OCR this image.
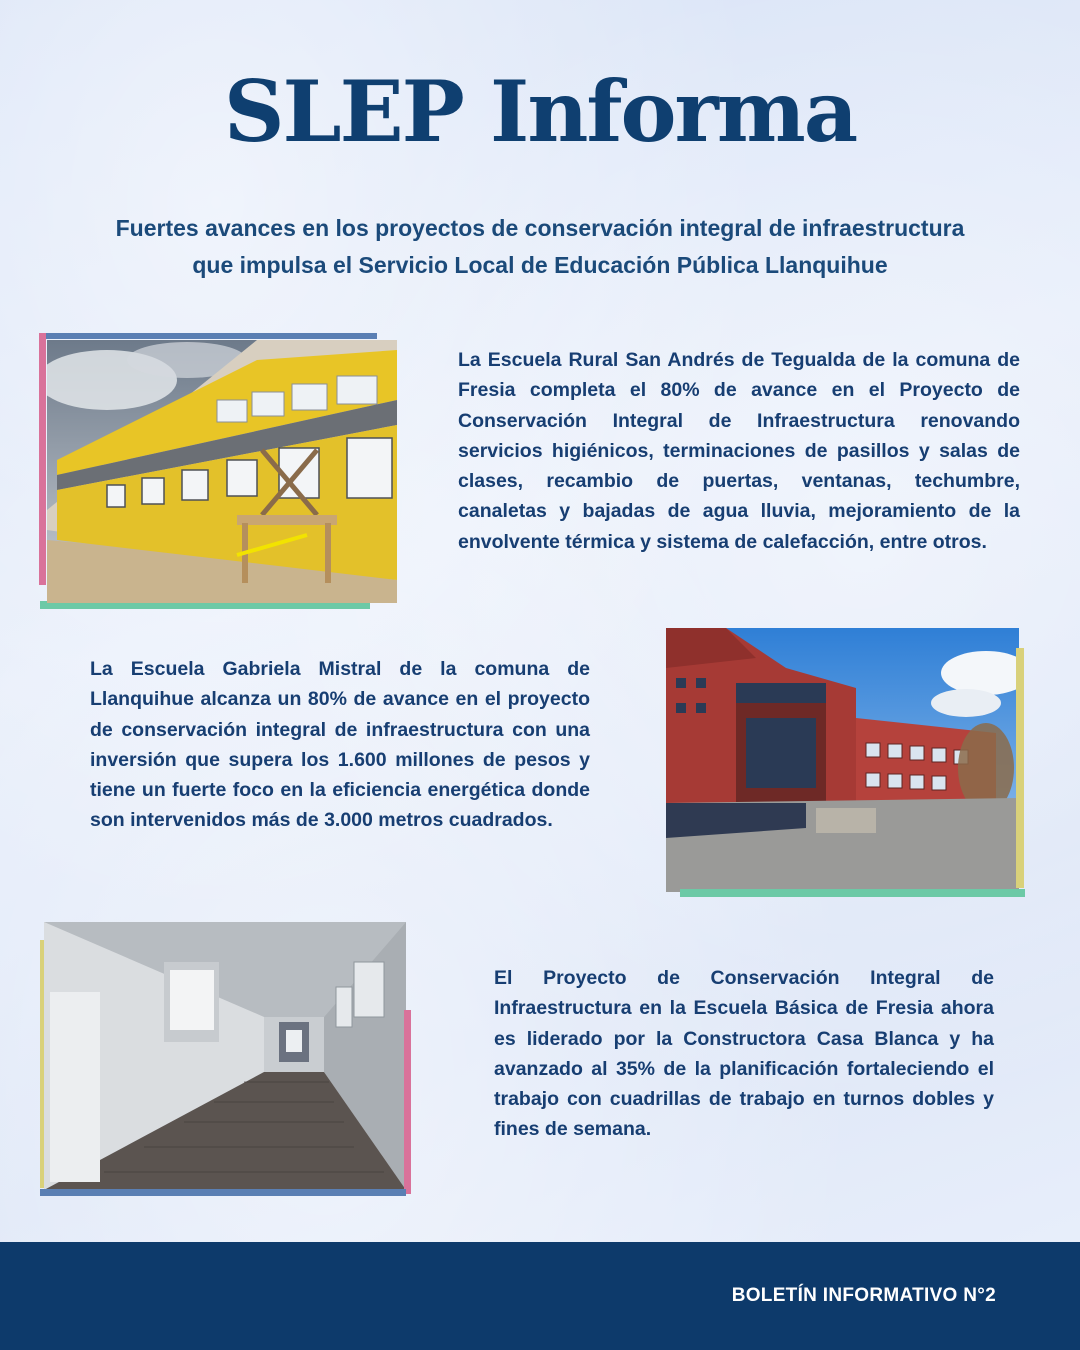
SLEP Informa
Fuertes avances en los proyectos de conservación integral de infraestructura
que impulsa el Servicio Local de Educación Pública Llanquihue

La Escuela Rural San Andrés de Tegualda de la comuna de Fresia completa el 80% de avance en el Proyecto de Conservación Integral de Infraestructura renovando servicios higiénicos, terminaciones de pasillos y salas de clases, recambio de puertas, ventanas, techumbre, canaletas y bajadas de agua lluvia, mejoramiento de la envolvente térmica y sistema de calefacción, entre otros.

La Escuela Gabriela Mistral de la comuna de Llanquihue alcanza un 80% de avance en el proyecto de conservación integral de infraestructura con una inversión que supera los 1.600 millones de pesos y tiene un fuerte foco en la eficiencia energética donde son intervenidos más de 3.000 metros cuadrados.

El Proyecto de Conservación Integral de Infraestructura en la Escuela Básica de Fresia ahora es liderado por la Constructora Casa Blanca y ha avanzado al 35% de la planificación fortaleciendo el trabajo con cuadrillas de trabajo en turnos dobles y fines de semana.

BOLETÍN INFORMATIVO N°2
